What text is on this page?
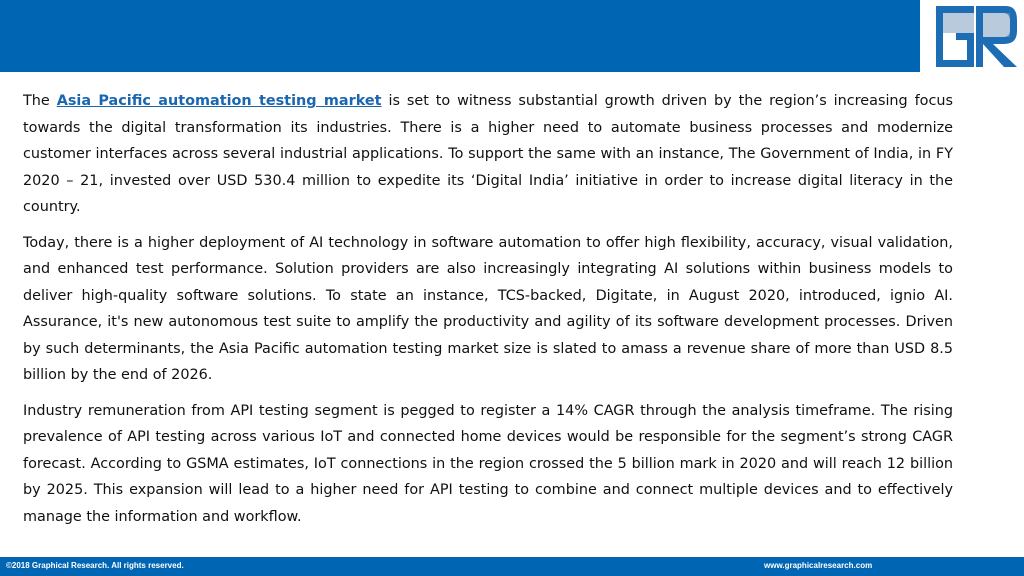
The Asia Pacific automation testing market is set to witness substantial growth driven by the region’s increasing focus towards the digital transformation its industries. There is a higher need to automate business processes and modernize customer interfaces across several industrial applications. To support the same with an instance, The Government of India, in FY 2020 – 21, invested over USD 530.4 million to expedite its ‘Digital India’ initiative in order to increase digital literacy in the country.

Today, there is a higher deployment of AI technology in software automation to offer high flexibility, accuracy, visual validation, and enhanced test performance. Solution providers are also increasingly integrating AI solutions within business models to deliver high-quality software solutions. To state an instance, TCS-backed, Digitate, in August 2020, introduced, ignio AI. Assurance, it's new autonomous test suite to amplify the productivity and agility of its software development processes. Driven by such determinants, the Asia Pacific automation testing market size is slated to amass a revenue share of more than USD 8.5 billion by the end of 2026.

Industry remuneration from API testing segment is pegged to register a 14% CAGR through the analysis timeframe. The rising prevalence of API testing across various IoT and connected home devices would be responsible for the segment’s strong CAGR forecast. According to GSMA estimates, IoT connections in the region crossed the 5 billion mark in 2020 and will reach 12 billion by 2025. This expansion will lead to a higher need for API testing to combine and connect multiple devices and to effectively manage the information and workflow.

©2018 Graphical Research. All rights reserved.	www.graphicalresearch.com
